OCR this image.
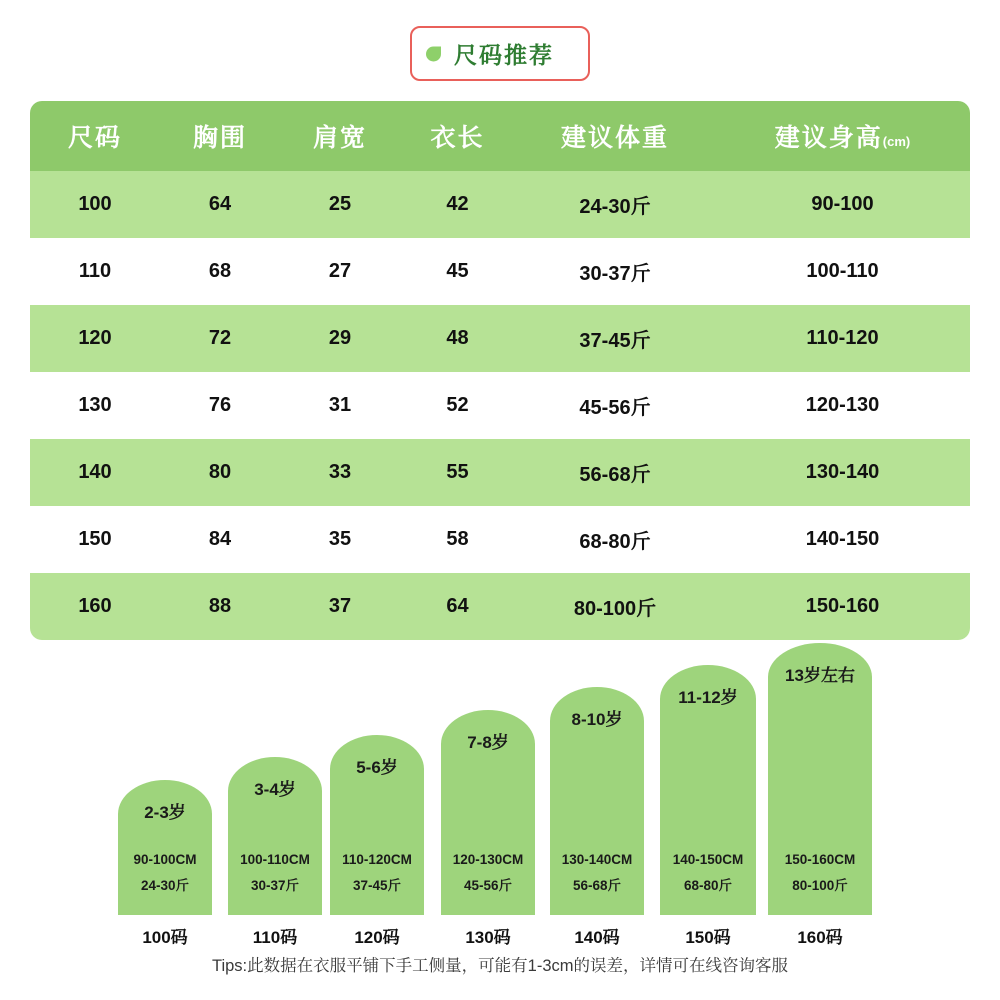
尺码推荐
尺码	胸围	肩宽	衣长	建议体重	建议身高(cm)
100	64	25	42	24-30斤	90-100
110	68	27	45	30-37斤	100-110
120	72	29	48	37-45斤	110-120
130	76	31	52	45-56斤	120-130
140	80	33	55	56-68斤	130-140
150	84	35	58	68-80斤	140-150
160	88	37	64	80-100斤	150-160
2-3岁
90-100CM
24-30斤
100码
3-4岁
100-110CM
30-37斤
110码
5-6岁
110-120CM
37-45斤
120码
7-8岁
120-130CM
45-56斤
130码
8-10岁
130-140CM
56-68斤
140码
11-12岁
140-150CM
68-80斤
150码
13岁左右
150-160CM
80-100斤
160码
Tips:此数据在衣服平铺下手工侧量，可能有1-3cm的误差，详情可在线咨询客服
